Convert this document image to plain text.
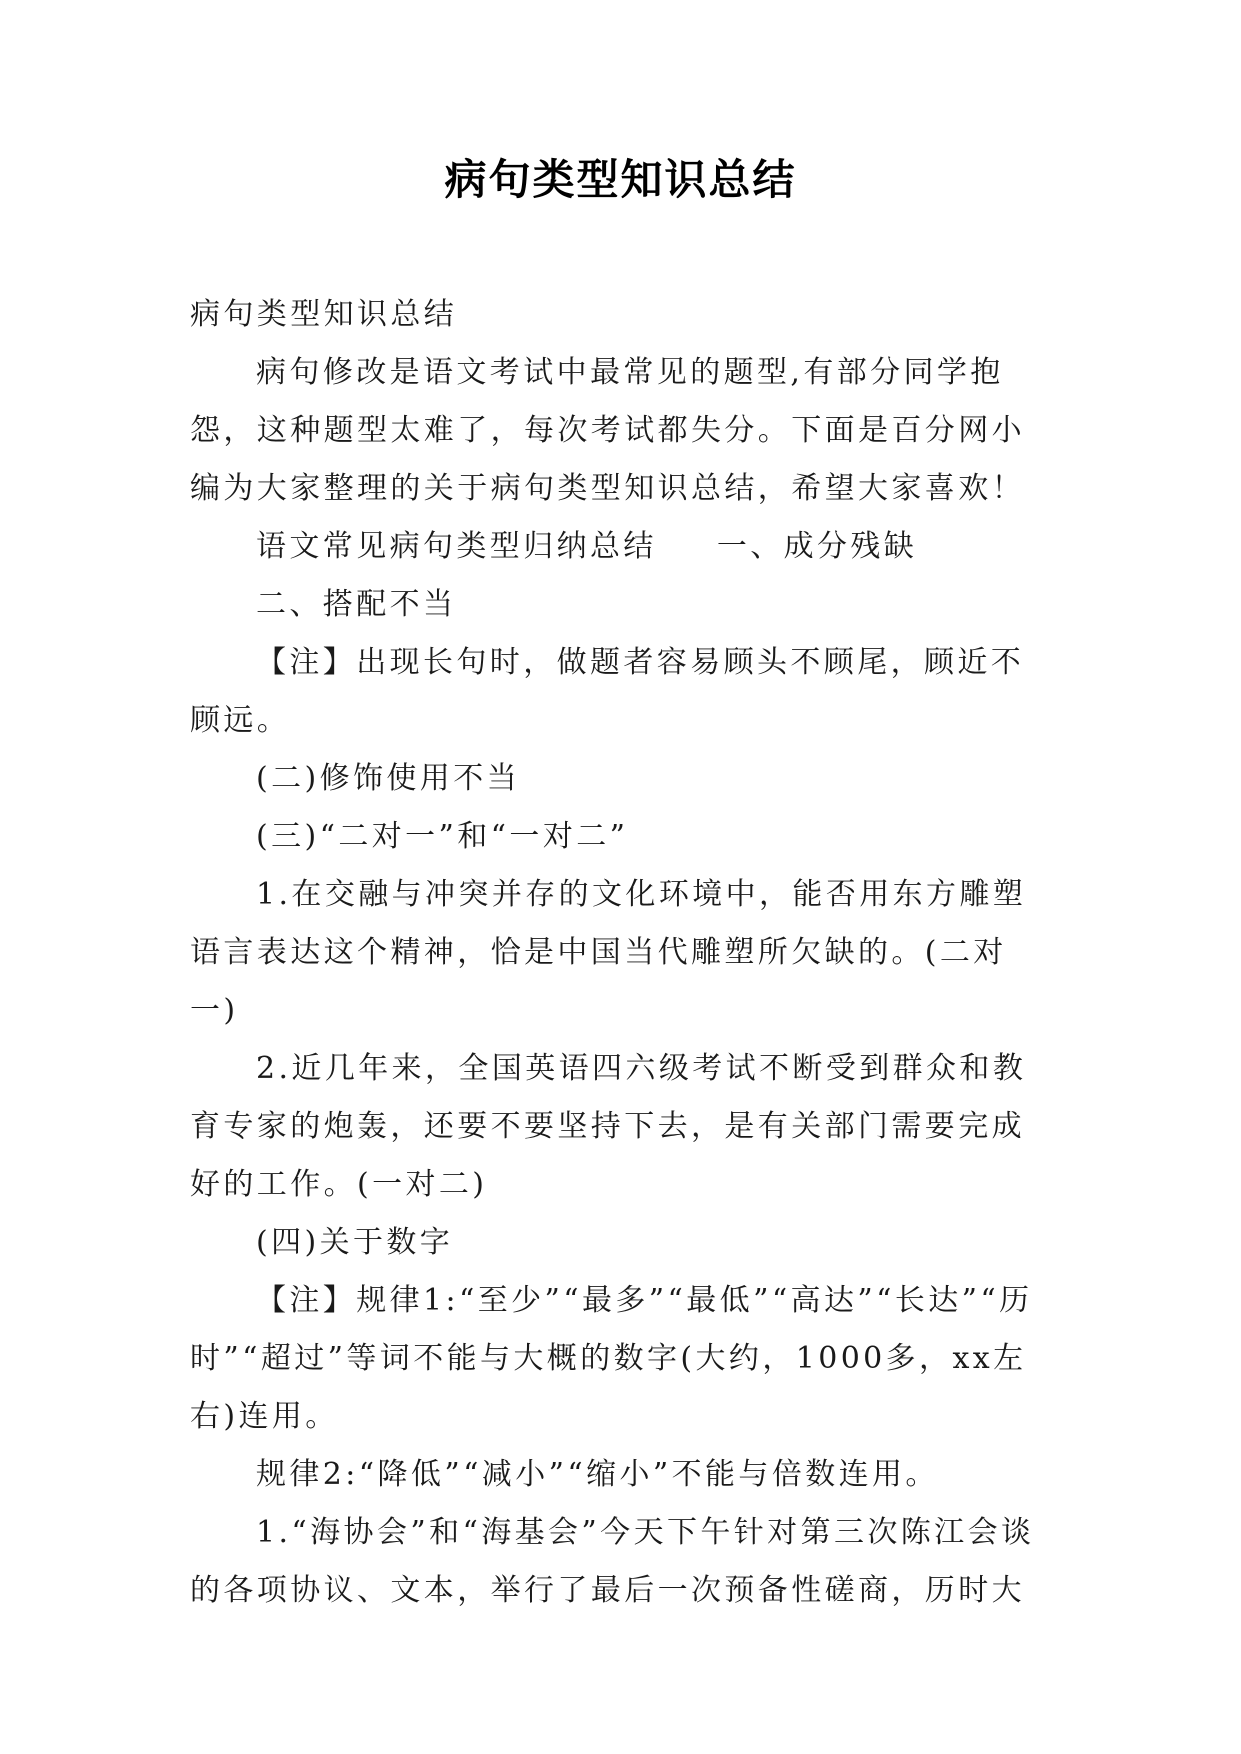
病句类型知识总结

病句类型知识总结

病句修改是语文考试中最常见的题型,有部分同学抱怨，这种题型太难了，每次考试都失分。下面是百分网小编为大家整理的关于病句类型知识总结，希望大家喜欢！

语文常见病句类型归纳总结 一、成分残缺

二、搭配不当

【注】出现长句时，做题者容易顾头不顾尾，顾近不顾远。

(二)修饰使用不当

(三)“二对一”和“一对二”

1.在交融与冲突并存的文化环境中，能否用东方雕塑语言表达这个精神，恰是中国当代雕塑所欠缺的。(二对一)

2.近几年来，全国英语四六级考试不断受到群众和教育专家的炮轰，还要不要坚持下去，是有关部门需要完成好的工作。(一对二)

(四)关于数字

【注】规律1:“至少”“最多”“最低”“高达”“长达”“历时”“超过”等词不能与大概的数字(大约，1000多，xx左右)连用。

规律2:“降低”“减小”“缩小”不能与倍数连用。

1.“海协会”和“海基会”今天下午针对第三次陈江会谈的各项协议、文本，举行了最后一次预备性磋商，历时大
